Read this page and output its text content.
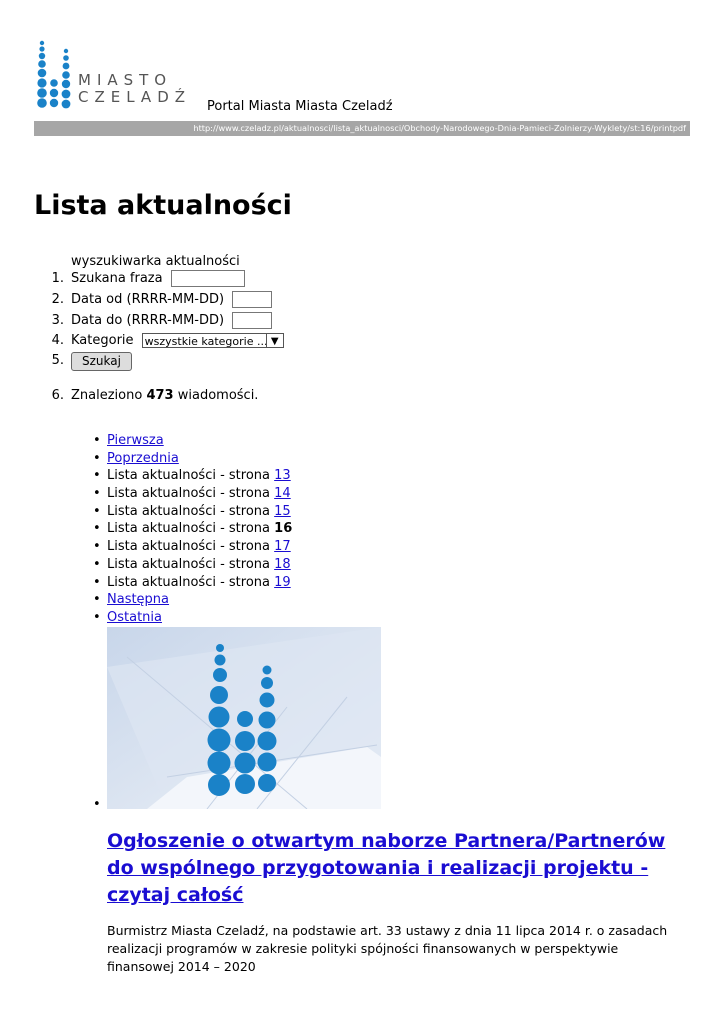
MIASTO
CZELADŹ
Portal Miasta Miasta Czeladź
http://www.czeladz.pl/aktualnosci/lista_aktualnosci/Obchody-Narodowego-Dnia-Pamieci-Zolnierzy-Wyklety/st:16/printpdf
Lista aktualności
wyszukiwarka aktualności
1. Szukana fraza
2. Data od (RRRR-MM-DD)
3. Data do (RRRR-MM-DD)
4. Kategorie wszystkie kategorie ... ▼
5.	Szukaj
6. Znaleziono 473 wiadomości.
• Pierwsza
• Poprzednia
• Lista aktualności - strona 13
• Lista aktualności - strona 14
• Lista aktualności - strona 15
• Lista aktualności - strona 16
• Lista aktualności - strona 17
• Lista aktualności - strona 18
• Lista aktualności - strona 19
• Następna
• Ostatnia
•
Ogłoszenie o otwartym naborze Partnera/Partnerów do wspólnego przygotowania i realizacji projektu - czytaj całość
Burmistrz Miasta Czeladź, na podstawie art. 33 ustawy z dnia 11 lipca 2014 r. o zasadach realizacji programów w zakresie polityki spójności finansowanych w perspektywie finansowej 2014 – 2020
